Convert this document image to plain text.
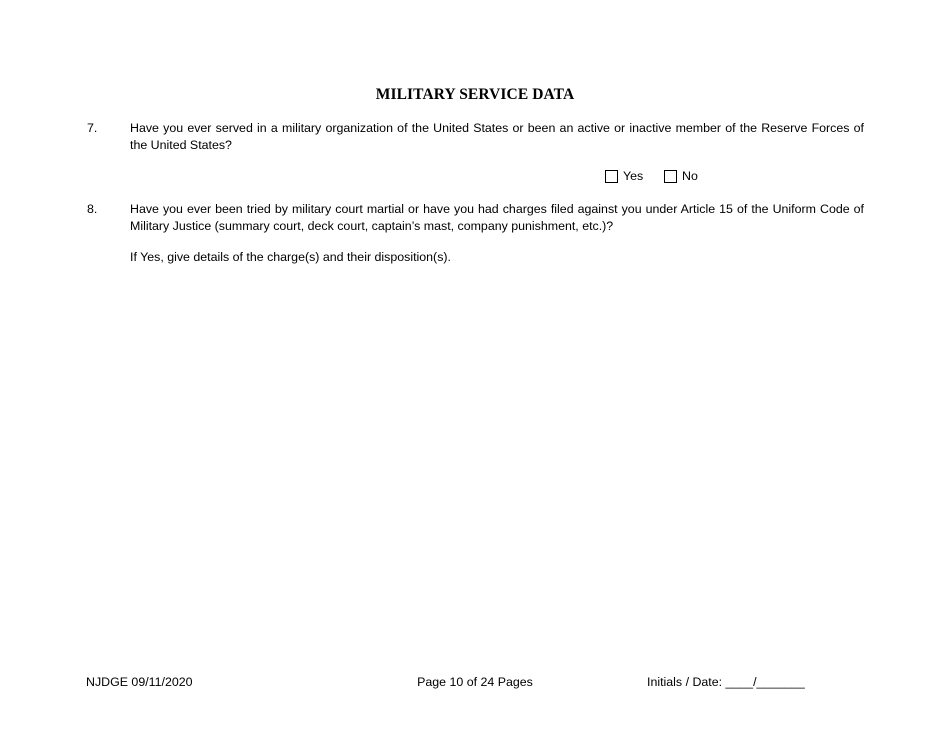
MILITARY SERVICE DATA
7.	Have you ever served in a military organization of the United States or been an active or inactive member of the Reserve Forces of the United States?
Yes	No
8.	Have you ever been tried by military court martial or have you had charges filed against you under Article 15 of the Uniform Code of Military Justice (summary court, deck court, captain’s mast, company punishment, etc.)?
If Yes, give details of the charge(s) and their disposition(s).
NJDGE 09/11/2020	Page 10 of 24 Pages	Initials / Date: ____/_______
